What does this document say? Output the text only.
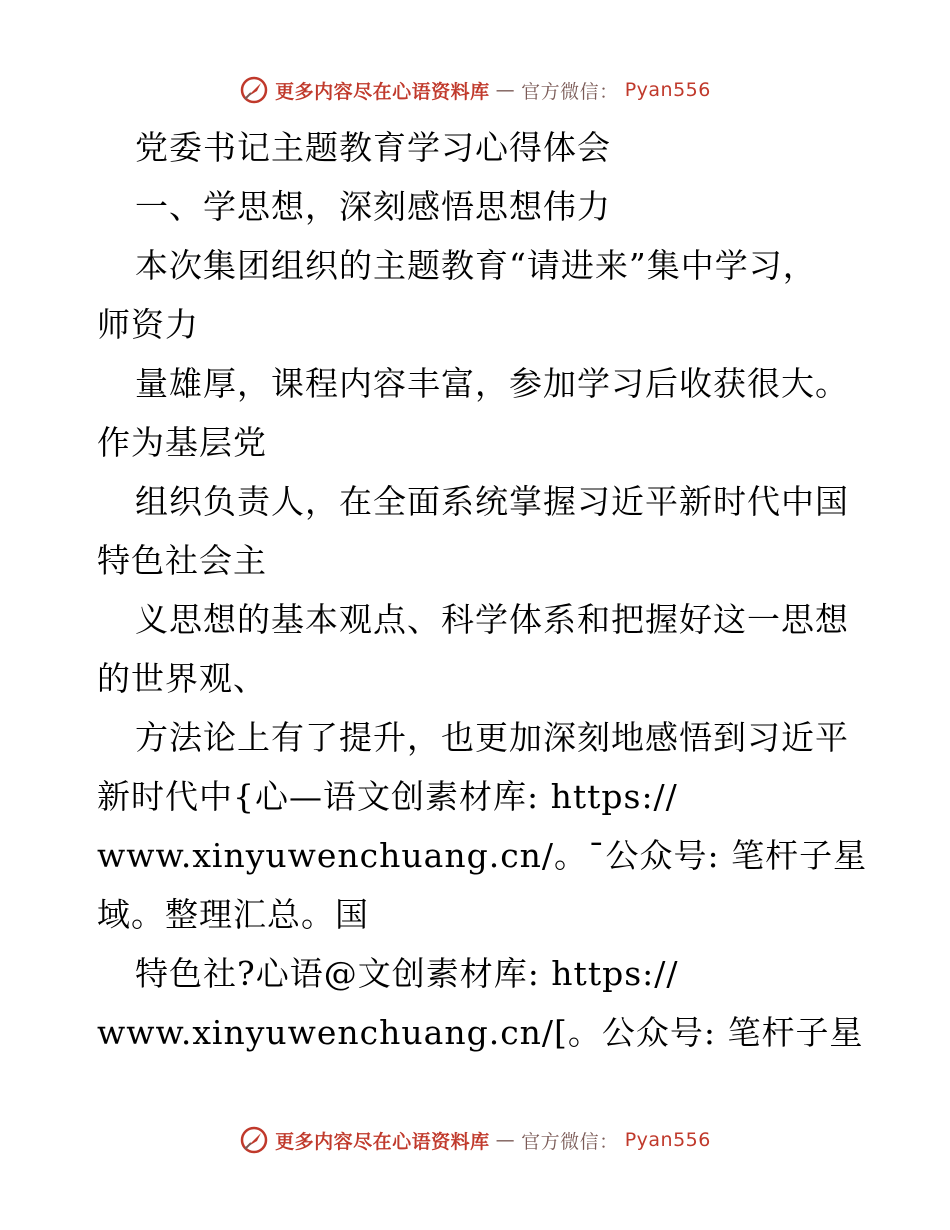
更多内容尽在心语资料库 — 官方微信： Pyan556
党委书记主题教育学习心得体会
一、学思想，深刻感悟思想伟力
本次集团组织的主题教育“请进来”集中学习，
师资力
量雄厚，课程内容丰富，参加学习后收获很大。
作为基层党
组织负责人，在全面系统掌握习近平新时代中国
特色社会主
义思想的基本观点、科学体系和把握好这一思想
的世界观、
方法论上有了提升，也更加深刻地感悟到习近平
新时代中{心—语文创素材库: https://
www.xinyuwenchuang.cn/。¯公众号: 笔杆子星
域。整理汇总。国
特色社?心语@文创素材库: https://
www.xinyuwenchuang.cn/[。公众号: 笔杆子星
更多内容尽在心语资料库 — 官方微信： Pyan556
